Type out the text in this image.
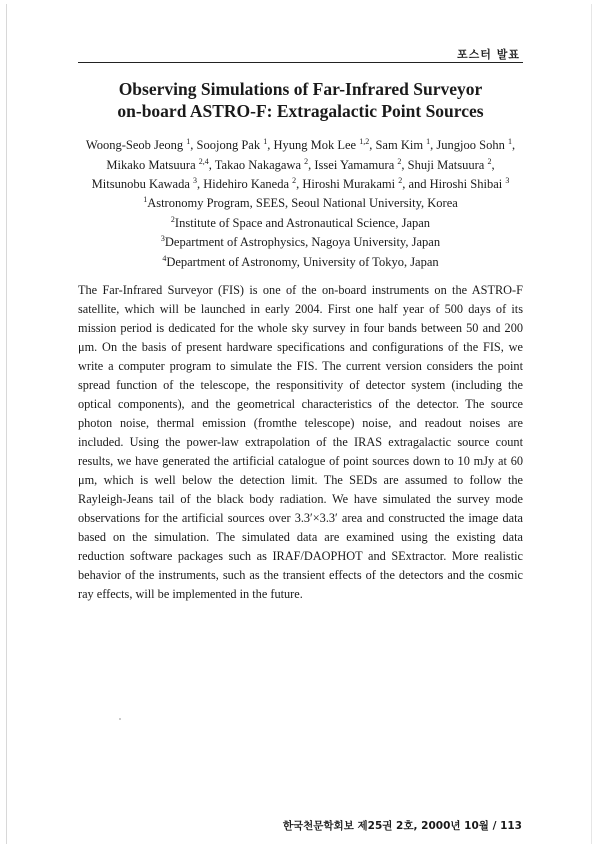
포스터 발표
Observing Simulations of Far-Infrared Surveyor
on-board ASTRO-F: Extragalactic Point Sources
Woong-Seob Jeong $^1$, Soojong Pak $^1$, Hyung Mok Lee $^{1,2}$, Sam Kim $^1$, Jungjoo Sohn $^1$,
Mikako Matsuura $^{2,4}$, Takao Nakagawa $^2$, Issei Yamamura $^2$, Shuji Matsuura $^2$,
Mitsunobu Kawada $^3$, Hidehiro Kaneda $^2$, Hiroshi Murakami $^2$, and Hiroshi Shibai $^3$
$^1$Astronomy Program, SEES, Seoul National University, Korea
$^2$Institute of Space and Astronautical Science, Japan
$^3$Department of Astrophysics, Nagoya University, Japan
$^4$Department of Astronomy, University of Tokyo, Japan

The Far-Infrared Surveyor (FIS) is one of the on-board instruments on the ASTRO-F satellite, which will be launched in early 2004. First one half year of 500 days of its mission period is dedicated for the whole sky survey in four bands between 50 and 200 μm. On the basis of present hardware specifications and configurations of the FIS, we write a computer program to simulate the FIS. The current version considers the point spread function of the telescope, the responsitivity of detector system (including the optical components), and the geometrical characteristics of the detector. The source photon noise, thermal emission (fromthe telescope) noise, and readout noises are included. Using the power-law extrapolation of the IRAS extragalactic source count results, we have generated the artificial catalogue of point sources down to 10 mJy at 60 μm, which is well below the detection limit. The SEDs are assumed to follow the Rayleigh-Jeans tail of the black body radiation. We have simulated the survey mode observations for the artificial sources over 3.3′×3.3′ area and constructed the image data based on the simulation. The simulated data are examined using the existing data reduction software packages such as IRAF/DAOPHOT and SExtractor. More realistic behavior of the instruments, such as the transient effects of the detectors and the cosmic ray effects, will be implemented in the future.

한국천문학회보 제25권 2호, 2000년 10월 / 113
